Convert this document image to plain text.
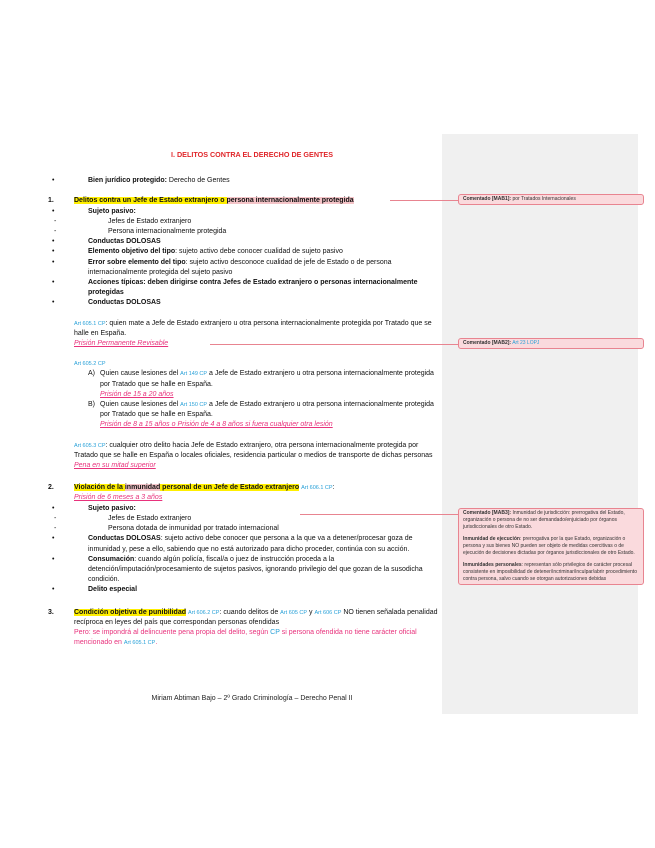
I. DELITOS CONTRA EL DERECHO DE GENTES
•	Bien jurídico protegido: Derecho de Gentes
1.	Delitos contra un Jefe de Estado extranjero o persona internacionalmente protegida
•	Sujeto pasivo:
-	Jefes de Estado extranjero
-	Persona internacionalmente protegida
•	Conductas DOLOSAS
•	Elemento objetivo del tipo: sujeto activo debe conocer cualidad de sujeto pasivo
•	Error sobre elemento del tipo: sujeto activo desconoce cualidad de jefe de Estado o de persona internacionalmente protegida del sujeto pasivo
•	Acciones típicas: deben dirigirse contra Jefes de Estado extranjero o personas internacionalmente protegidas
•	Conductas DOLOSAS
Art 605.1 CP: quien mate a Jefe de Estado extranjero u otra persona internacionalmente protegida por Tratado que se halle en España.
Prisión Permanente Revisable
Art 605.2 CP
A) Quien cause lesiones del Art 149 CP a Jefe de Estado extranjero u otra persona internacionalmente protegida por Tratado que se halle en España.
Prisión de 15 a 20 años
B) Quien cause lesiones del Art 150 CP a Jefe de Estado extranjero u otra persona internacionalmente protegida por Tratado que se halle en España.
Prisión de 8 a 15 años o Prisión de 4 a 8 años si fuera cualquier otra lesión
Art 605.3 CP: cualquier otro delito hacia Jefe de Estado extranjero, otra persona internacionalmente protegida por Tratado que se halle en España o locales oficiales, residencia particular o medios de transporte de dichas personas
Pena en su mitad superior
2.	Violación de la inmunidad personal de un Jefe de Estado extranjero Art 606.1 CP:
Prisión de 6 meses a 3 años
•	Sujeto pasivo:
-	Jefes de Estado extranjero
-	Persona dotada de inmunidad por tratado internacional
•	Conductas DOLOSAS: sujeto activo debe conocer que persona a la que va a detener/procesar goza de inmunidad y, pese a ello, sabiendo que no está autorizado para dicho proceder, continúa con su acción.
•	Consumación: cuando algún policía, fiscal/a o juez de instrucción proceda a la detención/imputación/procesamiento de sujetos pasivos, ignorando privilegio del que gozan de la susodicha condición.
•	Delito especial
3.	Condición objetiva de punibilidad Art 606.2 CP: cuando delitos de Art 605 CP y Art 606 CP NO tienen señalada penalidad recíproca en leyes del país que correspondan personas ofendidas
Pero: se impondrá al delincuente pena propia del delito, según CP si persona ofendida no tiene carácter oficial mencionado en Art 605.1 CP.
Miriam Abtiman Bajo – 2º Grado Criminología – Derecho Penal II
Comentado [MAB1]: por Tratados Internacionales
Comentado [MAB2]: Art 23 LOPJ
Comentado [MAB3]: Inmunidad de jurisdicción: prerrogativa del Estado, organización o persona de no ser demandado/enjuiciado por órganos jurisdiccionales de otro Estado.
Inmunidad de ejecución: prerrogativa por la que Estado, organización o persona y sus bienes NO pueden ser objeto de medidas coercitivas o de ejecución de decisiones dictadas por órganos jurisdiccionales de otro Estado.
Inmunidades personales: representan sólo privilegios de carácter procesal consistente en imposibilidad de detener/incriminar/inculpar/abrir procedimiento contra persona, salvo cuando se otorgan autorizaciones debidas
